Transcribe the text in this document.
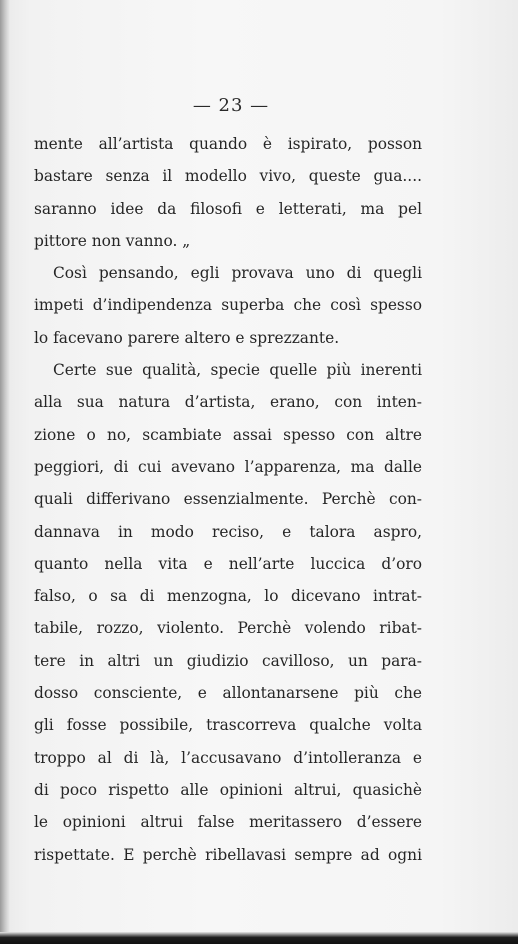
— 23 —
mente all’artista quando è ispirato, posson
bastare senza il modello vivo, queste gua....
saranno idee da filosofi e letterati, ma pel
pittore non vanno. „
Così pensando, egli provava uno di quegli
impeti d’indipendenza superba che così spesso
lo facevano parere altero e sprezzante.
Certe sue qualità, specie quelle più inerenti
alla sua natura d’artista, erano, con inten-
zione o no, scambiate assai spesso con altre
peggiori, di cui avevano l’apparenza, ma dalle
quali differivano essenzialmente. Perchè con-
dannava in modo reciso, e talora aspro,
quanto nella vita e nell’arte luccica d’oro
falso, o sa di menzogna, lo dicevano intrat-
tabile, rozzo, violento. Perchè volendo ribat-
tere in altri un giudizio cavilloso, un para-
dosso consciente, e allontanarsene più che
gli fosse possibile, trascorreva qualche volta
troppo al di là, l’accusavano d’intolleranza e
di poco rispetto alle opinioni altrui, quasichè
le opinioni altrui false meritassero d’essere
rispettate. E perchè ribellavasi sempre ad ogni
